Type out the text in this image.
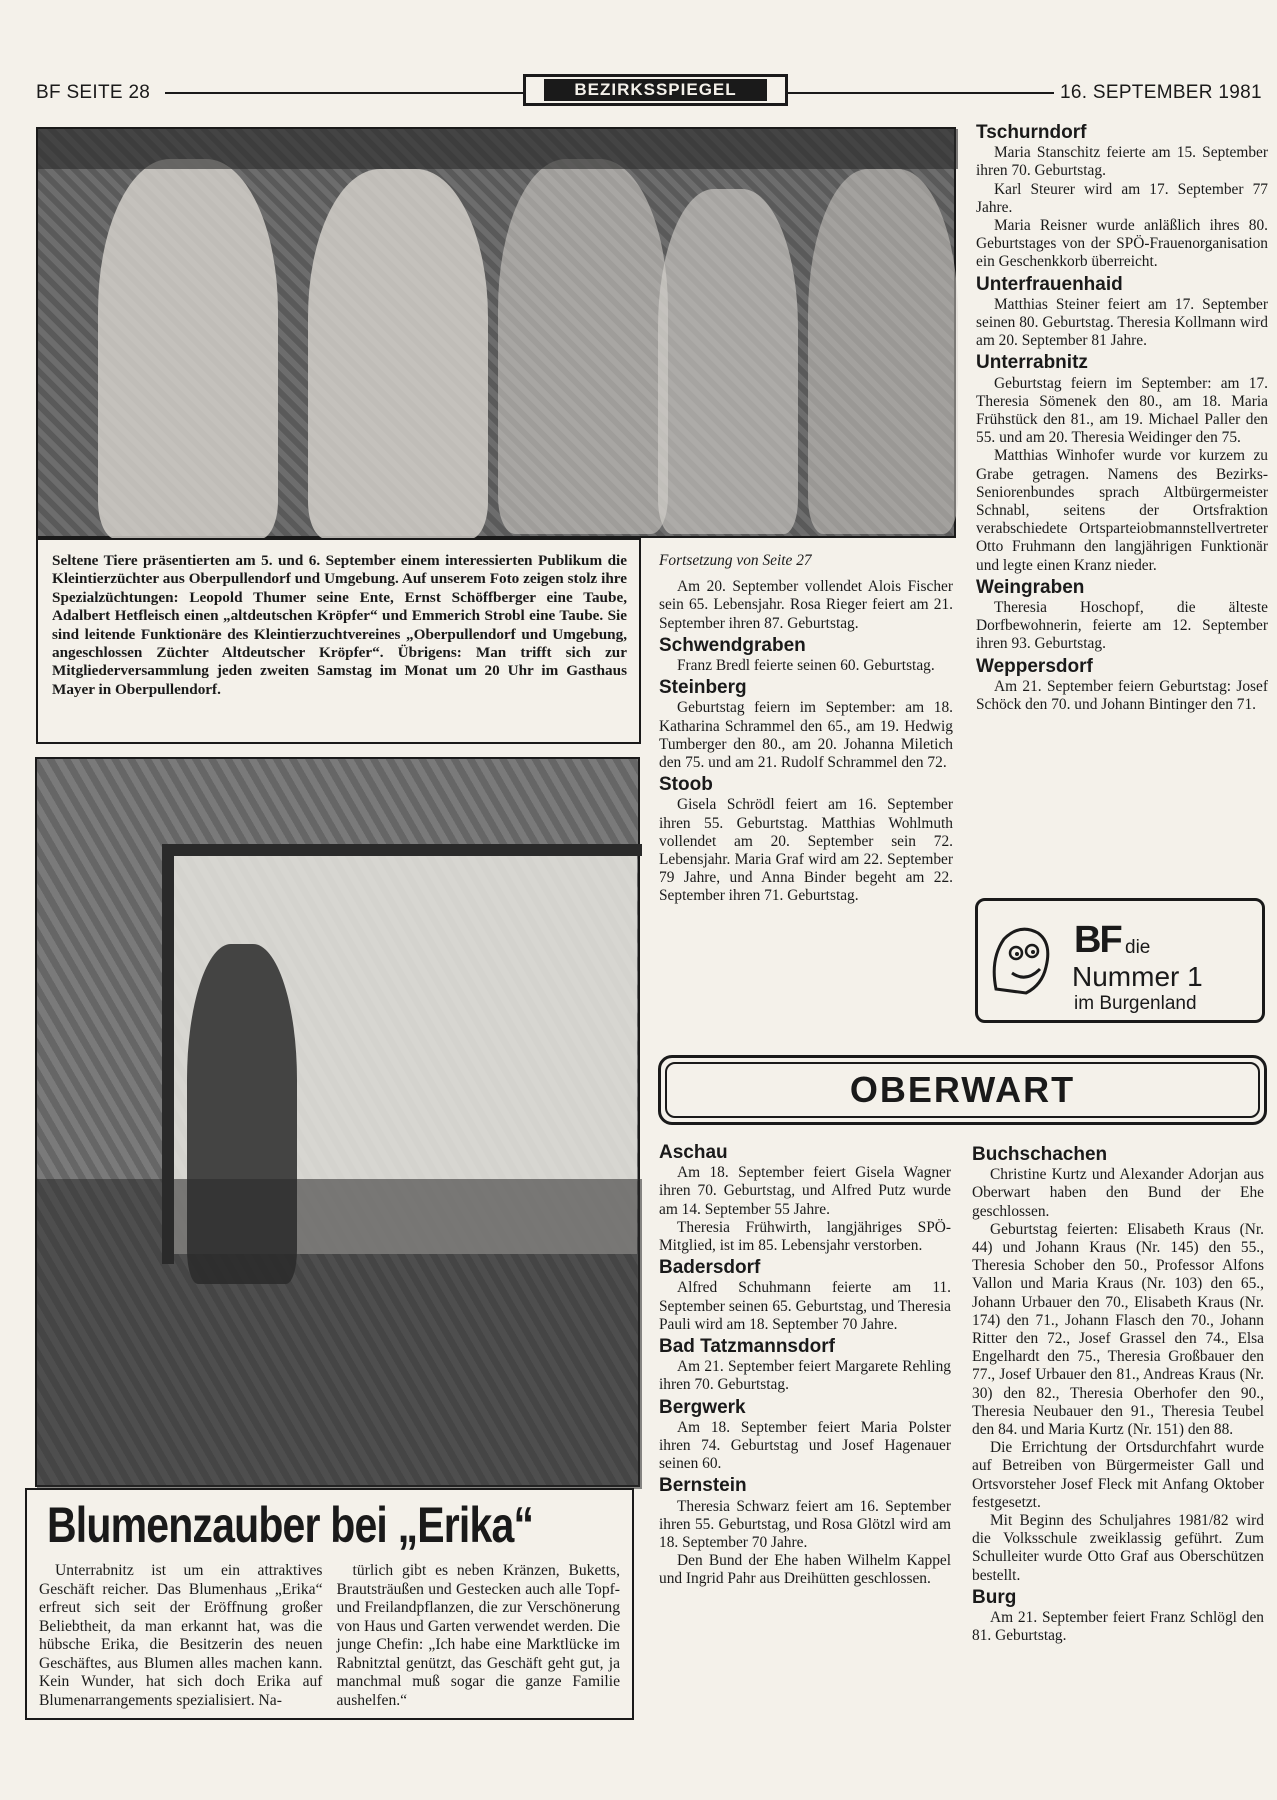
BF SEITE 28	BEZIRKSSPIEGEL	16. SEPTEMBER 1981
Seltene Tiere präsentierten am 5. und 6. September einem interessierten Publikum die Kleintierzüchter aus Oberpullendorf und Umgebung. Auf unserem Foto zeigen stolz ihre Spezialzüchtungen: Leopold Thumer seine Ente, Ernst Schöffberger eine Taube, Adalbert Hetfleisch einen „altdeutschen Kröpfer“ und Emmerich Strobl eine Taube. Sie sind leitende Funktionäre des Kleintierzuchtvereines „Oberpullendorf und Umgebung, angeschlossen Züchter Altdeutscher Kröpfer“. Übrigens: Man trifft sich zur Mitgliederversammlung jeden zweiten Samstag im Monat um 20 Uhr im Gasthaus Mayer in Oberpullendorf.

Fortsetzung von Seite 27

Am 20. September vollendet Alois Fischer sein 65. Lebensjahr. Rosa Rieger feiert am 21. September ihren 87. Geburtstag.

Schwendgraben

Franz Bredl feierte seinen 60. Geburtstag.

Steinberg

Geburtstag feiern im September: am 18. Katharina Schrammel den 65., am 19. Hedwig Tumberger den 80., am 20. Johanna Miletich den 75. und am 21. Rudolf Schrammel den 72.

Stoob

Gisela Schrödl feiert am 16. September ihren 55. Geburtstag. Matthias Wohlmuth vollendet am 20. September sein 72. Lebensjahr. Maria Graf wird am 22. September 79 Jahre, und Anna Binder begeht am 22. September ihren 71. Geburtstag.

Tschurndorf

Maria Stanschitz feierte am 15. September ihren 70. Geburtstag.

Karl Steurer wird am 17. September 77 Jahre.

Maria Reisner wurde anläßlich ihres 80. Geburtstages von der SPÖ-Frauenorganisation ein Geschenkkorb überreicht.

Unterfrauenhaid

Matthias Steiner feiert am 17. September seinen 80. Geburtstag. Theresia Kollmann wird am 20. September 81 Jahre.

Unterrabnitz

Geburtstag feiern im September: am 17. Theresia Sömenek den 80., am 18. Maria Frühstück den 81., am 19. Michael Paller den 55. und am 20. Theresia Weidinger den 75.

Matthias Winhofer wurde vor kurzem zu Grabe getragen. Namens des Bezirks-Seniorenbundes sprach Altbürgermeister Schnabl, seitens der Ortsfraktion verabschiedete Ortsparteiobmannstellvertreter Otto Fruhmann den langjährigen Funktionär und legte einen Kranz nieder.

Weingraben

Theresia Hoschopf, die älteste Dorfbewohnerin, feierte am 12. September ihren 93. Geburtstag.

Weppersdorf

Am 21. September feiern Geburtstag: Josef Schöck den 70. und Johann Bintinger den 71.

BF die
Nummer 1
im Burgenland
OBERWART
Aschau

Am 18. September feiert Gisela Wagner ihren 70. Geburtstag, und Alfred Putz wurde am 14. September 55 Jahre.

Theresia Frühwirth, langjähriges SPÖ-Mitglied, ist im 85. Lebensjahr verstorben.

Badersdorf

Alfred Schuhmann feierte am 11. September seinen 65. Geburtstag, und Theresia Pauli wird am 18. September 70 Jahre.

Bad Tatzmannsdorf

Am 21. September feiert Margarete Rehling ihren 70. Geburtstag.

Bergwerk

Am 18. September feiert Maria Polster ihren 74. Geburtstag und Josef Hagenauer seinen 60.

Bernstein

Theresia Schwarz feiert am 16. September ihren 55. Geburtstag, und Rosa Glötzl wird am 18. September 70 Jahre.

Den Bund der Ehe haben Wilhelm Kappel und Ingrid Pahr aus Dreihütten geschlossen.

Buchschachen

Christine Kurtz und Alexander Adorjan aus Oberwart haben den Bund der Ehe geschlossen.

Geburtstag feierten: Elisabeth Kraus (Nr. 44) und Johann Kraus (Nr. 145) den 55., Theresia Schober den 50., Professor Alfons Vallon und Maria Kraus (Nr. 103) den 65., Johann Urbauer den 70., Elisabeth Kraus (Nr. 174) den 71., Johann Flasch den 70., Johann Ritter den 72., Josef Grassel den 74., Elsa Engelhardt den 75., Theresia Großbauer den 77., Josef Urbauer den 81., Andreas Kraus (Nr. 30) den 82., Theresia Oberhofer den 90., Theresia Neubauer den 91., Theresia Teubel den 84. und Maria Kurtz (Nr. 151) den 88.

Die Errichtung der Ortsdurchfahrt wurde auf Betreiben von Bürgermeister Gall und Ortsvorsteher Josef Fleck mit Anfang Oktober festgesetzt.

Mit Beginn des Schuljahres 1981/82 wird die Volksschule zweiklassig geführt. Zum Schulleiter wurde Otto Graf aus Oberschützen bestellt.

Burg

Am 21. September feiert Franz Schlögl den 81. Geburtstag.

Blumenzauber bei „Erika“
Unterrabnitz ist um ein attraktives Geschäft reicher. Das Blumenhaus „Erika“ erfreut sich seit der Eröffnung großer Beliebtheit, da man erkannt hat, was die hübsche Erika, die Besitzerin des neuen Geschäftes, aus Blumen alles machen kann. Kein Wunder, hat sich doch Erika auf Blumenarrangements spezialisiert. Na-
türlich gibt es neben Kränzen, Buketts, Brautsträußen und Gestecken auch alle Topf- und Freilandpflanzen, die zur Verschönerung von Haus und Garten verwendet werden. Die junge Chefin: „Ich habe eine Marktlücke im Rabnitztal genützt, das Geschäft geht gut, ja manchmal muß sogar die ganze Familie aushelfen.“
